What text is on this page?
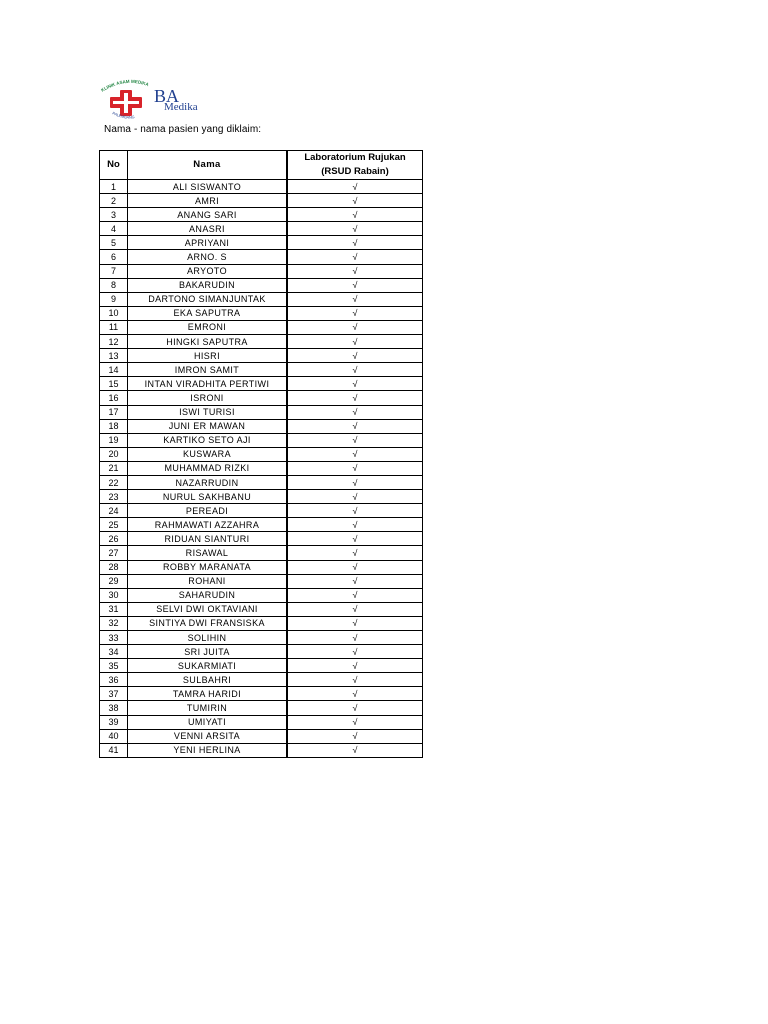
KLINIK ASAM MEDIKA
BA
Medika
PALEMBANG
Nama - nama pasien yang diklaim:
No	Nama	Laboratorium Rujukan
(RSUD Rabain)

1	ALI SISWANTO	√
2	AMRI	√
3	ANANG SARI	√
4	ANASRI	√
5	APRIYANI	√
6	ARNO. S	√
7	ARYOTO	√
8	BAKARUDIN	√
9	DARTONO SIMANJUNTAK	√
10	EKA SAPUTRA	√
11	EMRONI	√
12	HINGKI SAPUTRA	√
13	HISRI	√
14	IMRON SAMIT	√
15	INTAN VIRADHITA PERTIWI	√
16	ISRONI	√
17	ISWI TURISI	√
18	JUNI ER MAWAN	√
19	KARTIKO SETO AJI	√
20	KUSWARA	√
21	MUHAMMAD RIZKI	√
22	NAZARRUDIN	√
23	NURUL SAKHBANU	√
24	PEREADI	√
25	RAHMAWATI AZZAHRA	√
26	RIDUAN SIANTURI	√
27	RISAWAL	√
28	ROBBY MARANATA	√
29	ROHANI	√
30	SAHARUDIN	√
31	SELVI DWI OKTAVIANI	√
32	SINTIYA DWI FRANSISKA	√
33	SOLIHIN	√
34	SRI JUITA	√
35	SUKARMIATI	√
36	SULBAHRI	√
37	TAMRA HARIDI	√
38	TUMIRIN	√
39	UMIYATI	√
40	VENNI ARSITA	√
41	YENI HERLINA	√
